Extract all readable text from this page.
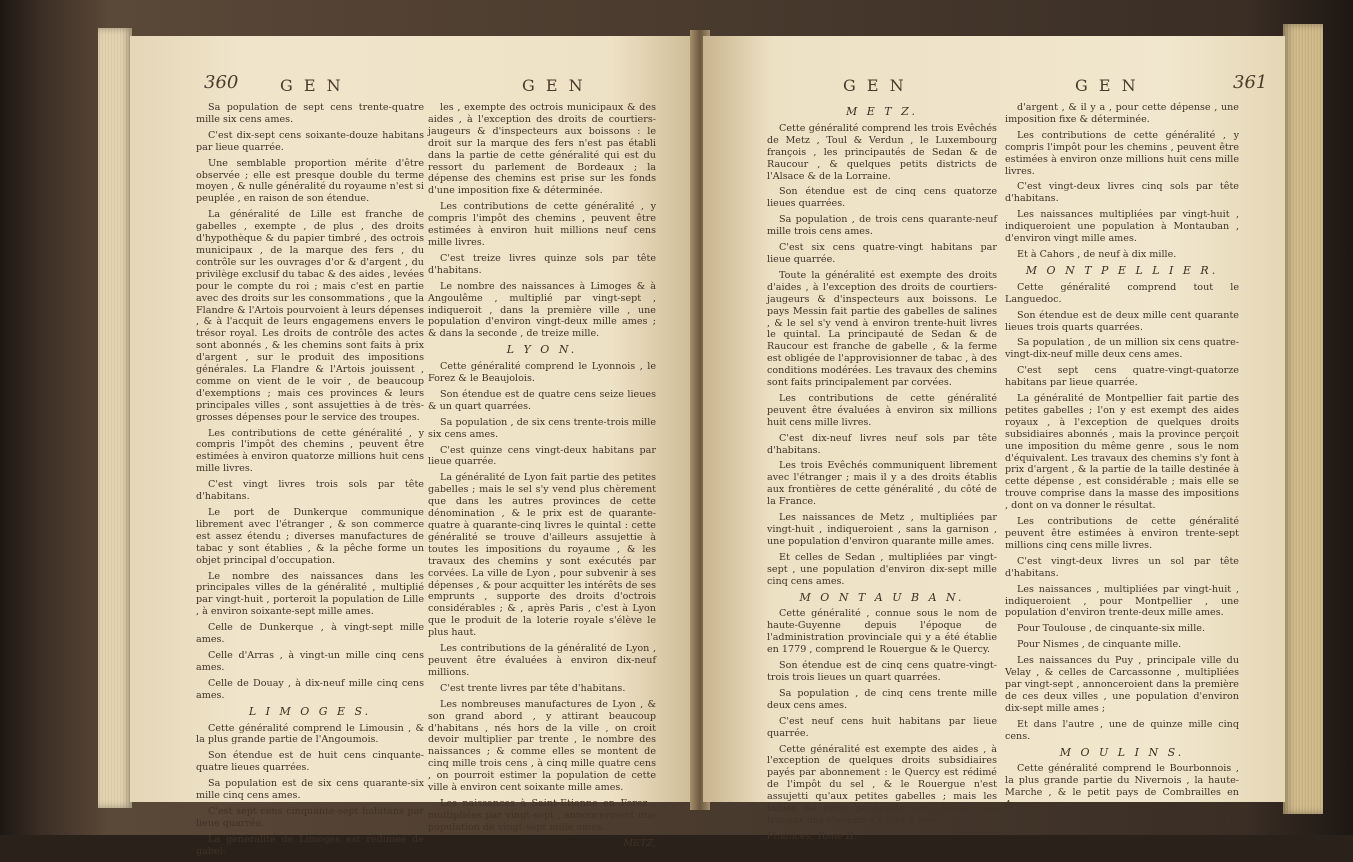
360	G E N	G E N

Sa population de sept cens trente-quatre mille six cens ames.

C'est dix-sept cens soixante-douze habitans par lieue quarrée.

Une semblable proportion mérite d'être observée ; elle est presque double du terme moyen , & nulle généralité du royaume n'est si peuplée , en raison de son étendue.

La généralité de Lille est franche de gabelles , exempte , de plus , des droits d'hypothèque & du papier timbré , des octrois municipaux , de la marque des fers , du contrôle sur les ouvrages d'or & d'argent , du privilège exclusif du tabac & des aides , levées pour le compte du roi ; mais c'est en partie avec des droits sur les consommations , que la Flandre & l'Artois pourvoient à leurs dépenses , & à l'acquit de leurs engagemens envers le trésor royal. Les droits de contrôle des actes sont abonnés , & les chemins sont faits à prix d'argent , sur le produit des impositions générales. La Flandre & l'Artois jouissent , comme on vient de le voir , de beaucoup d'exemptions ; mais ces provinces & leurs principales villes , sont assujetties à de très-grosses dépenses pour le service des troupes.

Les contributions de cette généralité , y compris l'impôt des chemins , peuvent être estimées à environ quatorze millions huit cens mille livres.

C'est vingt livres trois sols par tête d'habitans.

Le port de Dunkerque communique librement avec l'étranger , & son commerce est assez étendu ; diverses manufactures de tabac y sont établies , & la pêche forme un objet principal d'occupation.

Le nombre des naissances dans les principales villes de la généralité , multiplié par vingt-huit , porteroit la population de Lille , à environ soixante-sept mille ames.

Celle de Dunkerque , à vingt-sept mille ames.

Celle d'Arras , à vingt-un mille cinq cens ames.

Celle de Douay , à dix-neuf mille cinq cens ames.

L I M O G E S.

Cette généralité comprend le Limousin , & la plus grande partie de l'Angoumois.

Son étendue est de huit cens cinquante-quatre lieues quarrées.

Sa population est de six cens quarante-six mille cinq cens ames.

C'est sept cens cinquante-sept habitans par lieue quarrée.

La généralité de Limoges est rédimée de gabel-

les , exempte des octrois municipaux & des aides , à l'exception des droits de courtiers-jaugeurs & d'inspecteurs aux boissons : le droit sur la marque des fers n'est pas établi dans la partie de cette généralité qui est du ressort du parlement de Bordeaux ; la dépense des chemins est prise sur les fonds d'une imposition fixe & déterminée.

Les contributions de cette généralité , y compris l'impôt des chemins , peuvent être estimées à environ huit millions neuf cens mille livres.

C'est treize livres quinze sols par tête d'habitans.

Le nombre des naissances à Limoges & à Angoulême , multiplié par vingt-sept , indiqueroit , dans la première ville , une population d'environ vingt-deux mille ames ; & dans la seconde , de treize mille.

L Y O N.

Cette généralité comprend le Lyonnois , le Forez & le Beaujolois.

Son étendue est de quatre cens seize lieues & un quart quarrées.

Sa population , de six cens trente-trois mille six cens ames.

C'est quinze cens vingt-deux habitans par lieue quarrée.

La généralité de Lyon fait partie des petites gabelles ; mais le sel s'y vend plus chèrement que dans les autres provinces de cette dénomination , & le prix est de quarante-quatre à quarante-cinq livres le quintal : cette généralité se trouve d'ailleurs assujettie à toutes les impositions du royaume , & les travaux des chemins y sont exécutés par corvées. La ville de Lyon , pour subvenir à ses dépenses , & pour acquitter les intérêts de ses emprunts , supporte des droits d'octrois considérables ; & , après Paris , c'est à Lyon que le produit de la loterie royale s'élève le plus haut.

Les contributions de la généralité de Lyon , peuvent être évaluées à environ dix-neuf millions.

C'est trente livres par tête d'habitans.

Les nombreuses manufactures de Lyon , & son grand abord , y attirant beaucoup d'habitans , nés hors de la ville , on croit devoir multiplier par trente , le nombre des naissances ; & comme elles se montent de cinq mille trois cens , à cinq mille quatre cens , on pourroit estimer la population de cette ville à environ cent soixante mille ames.

Les naissances à Saint-Etienne en Forez , multipliées par vingt-sept , annonceroient une population de vingt-sept mille ames.

METZ,

G E N	G E N	361

M E T Z.

Cette généralité comprend les trois Evêchés de Metz , Toul & Verdun , le Luxembourg françois , les principautés de Sedan & de Raucour , & quelques petits districts de l'Alsace & de la Lorraine.

Son étendue est de cinq cens quatorze lieues quarrées.

Sa population , de trois cens quarante-neuf mille trois cens ames.

C'est six cens quatre-vingt habitans par lieue quarrée.

Toute la généralité est exempte des droits d'aides , à l'exception des droits de courtiers-jaugeurs & d'inspecteurs aux boissons. Le pays Messin fait partie des gabelles de salines , & le sel s'y vend à environ trente-huit livres le quintal. La principauté de Sedan & de Raucour est franche de gabelle , & la ferme est obligée de l'approvisionner de tabac , à des conditions modérées. Les travaux des chemins sont faits principalement par corvées.

Les contributions de cette généralité peuvent être évaluées à environ six millions huit cens mille livres.

C'est dix-neuf livres neuf sols par tête d'habitans.

Les trois Evêchés communiquent librement avec l'étranger ; mais il y a des droits établis aux frontières de cette généralité , du côté de la France.

Les naissances de Metz , multipliées par vingt-huit , indiqueroient , sans la garnison , une population d'environ quarante mille ames.

Et celles de Sedan , multipliées par vingt-sept , une population d'environ dix-sept mille cinq cens ames.

M O N T A U B A N.

Cette généralité , connue sous le nom de haute-Guyenne depuis l'époque de l'administration provinciale qui y a été établie en 1779 , comprend le Rouergue & le Quercy.

Son étendue est de cinq cens quatre-vingt-trois trois lieues un quart quarrées.

Sa population , de cinq cens trente mille deux cens ames.

C'est neuf cens huit habitans par lieue quarrée.

Cette généralité est exempte des aides , à l'exception de quelques droits subsidiaires payés par abonnement : le Quercy est rédimé de l'impôt du sel , & le Rouergue n'est assujetti qu'aux petites gabelles ; mais les tailles de cette généralité sont fortes. Les travaux des chemins s'y font à prix

Finances, Tome II.

d'argent , & il y a , pour cette dépense , une imposition fixe & déterminée.

Les contributions de cette généralité , y compris l'impôt pour les chemins , peuvent être estimées à environ onze millions huit cens mille livres.

C'est vingt-deux livres cinq sols par tête d'habitans.

Les naissances multipliées par vingt-huit , indiqueroient une population à Montauban , d'environ vingt mille ames.

Et à Cahors , de neuf à dix mille.

M O N T P E L L I E R.

Cette généralité comprend tout le Languedoc.

Son étendue est de deux mille cent quarante lieues trois quarts quarrées.

Sa population , de un million six cens quatre-vingt-dix-neuf mille deux cens ames.

C'est sept cens quatre-vingt-quatorze habitans par lieue quarrée.

La généralité de Montpellier fait partie des petites gabelles ; l'on y est exempt des aides royaux , à l'exception de quelques droits subsidiaires abonnés , mais la province perçoit une imposition du même genre , sous le nom d'équivalent. Les travaux des chemins s'y font à prix d'argent , & la partie de la taille destinée à cette dépense , est considérable ; mais elle se trouve comprise dans la masse des impositions , dont on va donner le résultat.

Les contributions de cette généralité peuvent être estimées à environ trente-sept millions cinq cens mille livres.

C'est vingt-deux livres un sol par tête d'habitans.

Les naissances , multipliées par vingt-huit , indiqueroient , pour Montpellier , une population d'environ trente-deux mille ames.

Pour Toulouse , de cinquante-six mille.

Pour Nismes , de cinquante mille.

Les naissances du Puy , principale ville du Velay , & celles de Carcassonne , multipliées par vingt-sept , annonceroient dans la première de ces deux villes , une population d'environ dix-sept mille ames ;

Et dans l'autre , une de quinze mille cinq cens.

M O U L I N S.

Cette généralité comprend le Bourbonnois , la plus grande partie du Nivernois , la haute-Marche , & le petit pays de Combrailles en Auvergne.

Z z
